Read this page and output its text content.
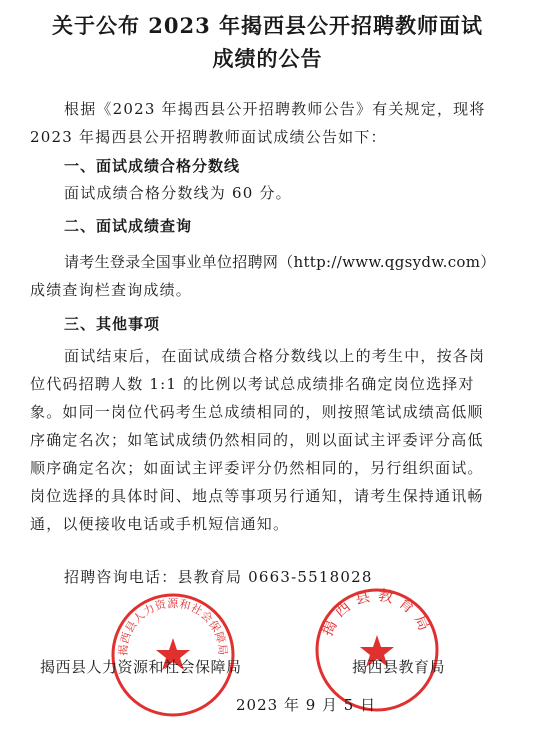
关于公布 2023 年揭西县公开招聘教师面试
成绩的公告
根据《2023 年揭西县公开招聘教师公告》有关规定，现将
2023 年揭西县公开招聘教师面试成绩公告如下：
一、面试成绩合格分数线
面试成绩合格分数线为 60 分。
二、面试成绩查询
请考生登录全国事业单位招聘网（http://www.qgsydw.com）
成绩查询栏查询成绩。
三、其他事项
面试结束后，在面试成绩合格分数线以上的考生中，按各岗
位代码招聘人数 1:1 的比例以考试总成绩排名确定岗位选择对
象。如同一岗位代码考生总成绩相同的，则按照笔试成绩高低顺
序确定名次；如笔试成绩仍然相同的，则以面试主评委评分高低
顺序确定名次；如面试主评委评分仍然相同的，另行组织面试。
岗位选择的具体时间、地点等事项另行通知，请考生保持通讯畅
通，以便接收电话或手机短信通知。
招聘咨询电话：县教育局 0663-5518028
揭西县人力资源和社会保障局
揭西县教育局
揭西县人力资源和社会保障局	揭西县教育局
2023 年 9 月 5 日
